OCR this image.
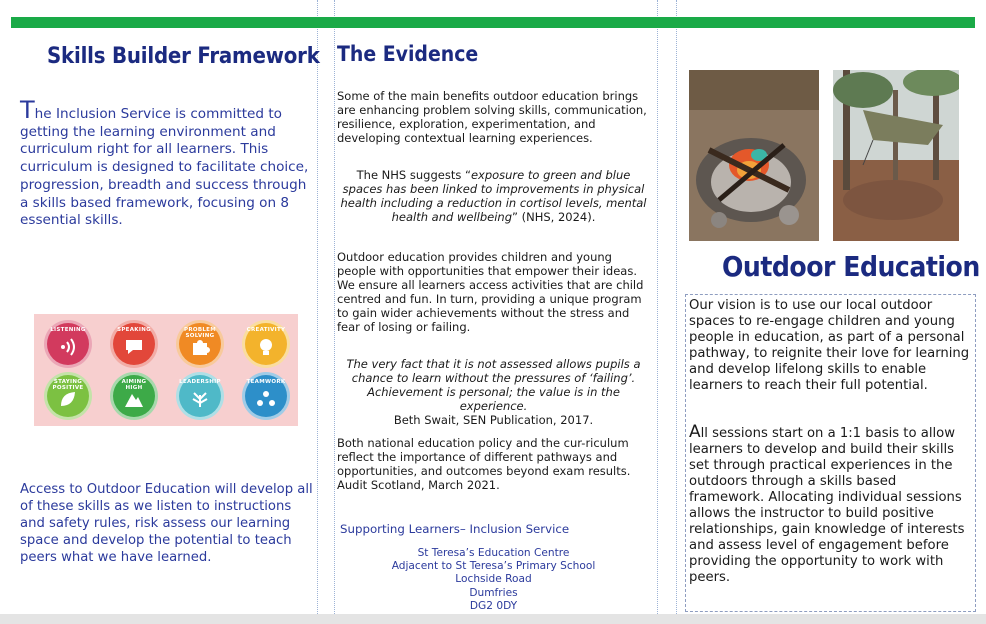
Skills Builder Framework

The Inclusion Service is committed to getting the learning environment and curriculum right for all learners. This curriculum is designed to facilitate choice, progression, breadth and success through a skills based framework, focusing on 8 essential skills.

LISTENING	SPEAKING	PROBLEM SOLVING
CREATIVITY
STAYING POSITIVE
AIMING HIGH
LEADERSHIP	TEAMWORK

Access to Outdoor Education will develop all of these skills as we listen to instructions and safety rules, risk assess our learning space and develop the potential to teach peers what we have learned.

The Evidence

Some of the main benefits outdoor education brings are enhancing problem solving skills, communication, resilience, exploration, experimentation, and developing contextual learning experiences.

The NHS suggests “exposure to green and blue spaces has been linked to improvements in physical health including a reduction in cortisol levels, mental health and wellbeing” (NHS, 2024).

Outdoor education provides children and young people with opportunities that empower their ideas. We ensure all learners access activities that are child centred and fun. In turn, providing a unique program to gain wider achievements without the stress and fear of losing or failing.

The very fact that it is not assessed allows pupils a chance to learn without the pressures of ‘failing’. Achievement is personal; the value is in the experience.
Beth Swait, SEN Publication, 2017.

Both national education policy and the cur-riculum reflect the importance of different pathways and opportunities, and outcomes beyond exam results.
Audit Scotland, March 2021.

Supporting Learners– Inclusion Service

St Teresa’s Education Centre
Adjacent to St Teresa’s Primary School
Lochside Road
Dumfries
DG2 0DY

Outdoor Education

Our vision is to use our local outdoor spaces to re-engage children and young people in education, as part of a personal pathway, to reignite their love for learning and develop lifelong skills to enable learners to reach their full potential.

All sessions start on a 1:1 basis to allow learners to develop and build their skills set through practical experiences in the outdoors through a skills based framework. Allocating individual sessions allows the instructor to build positive relationships, gain knowledge of interests and assess level of engagement before providing the opportunity to work with peers.
